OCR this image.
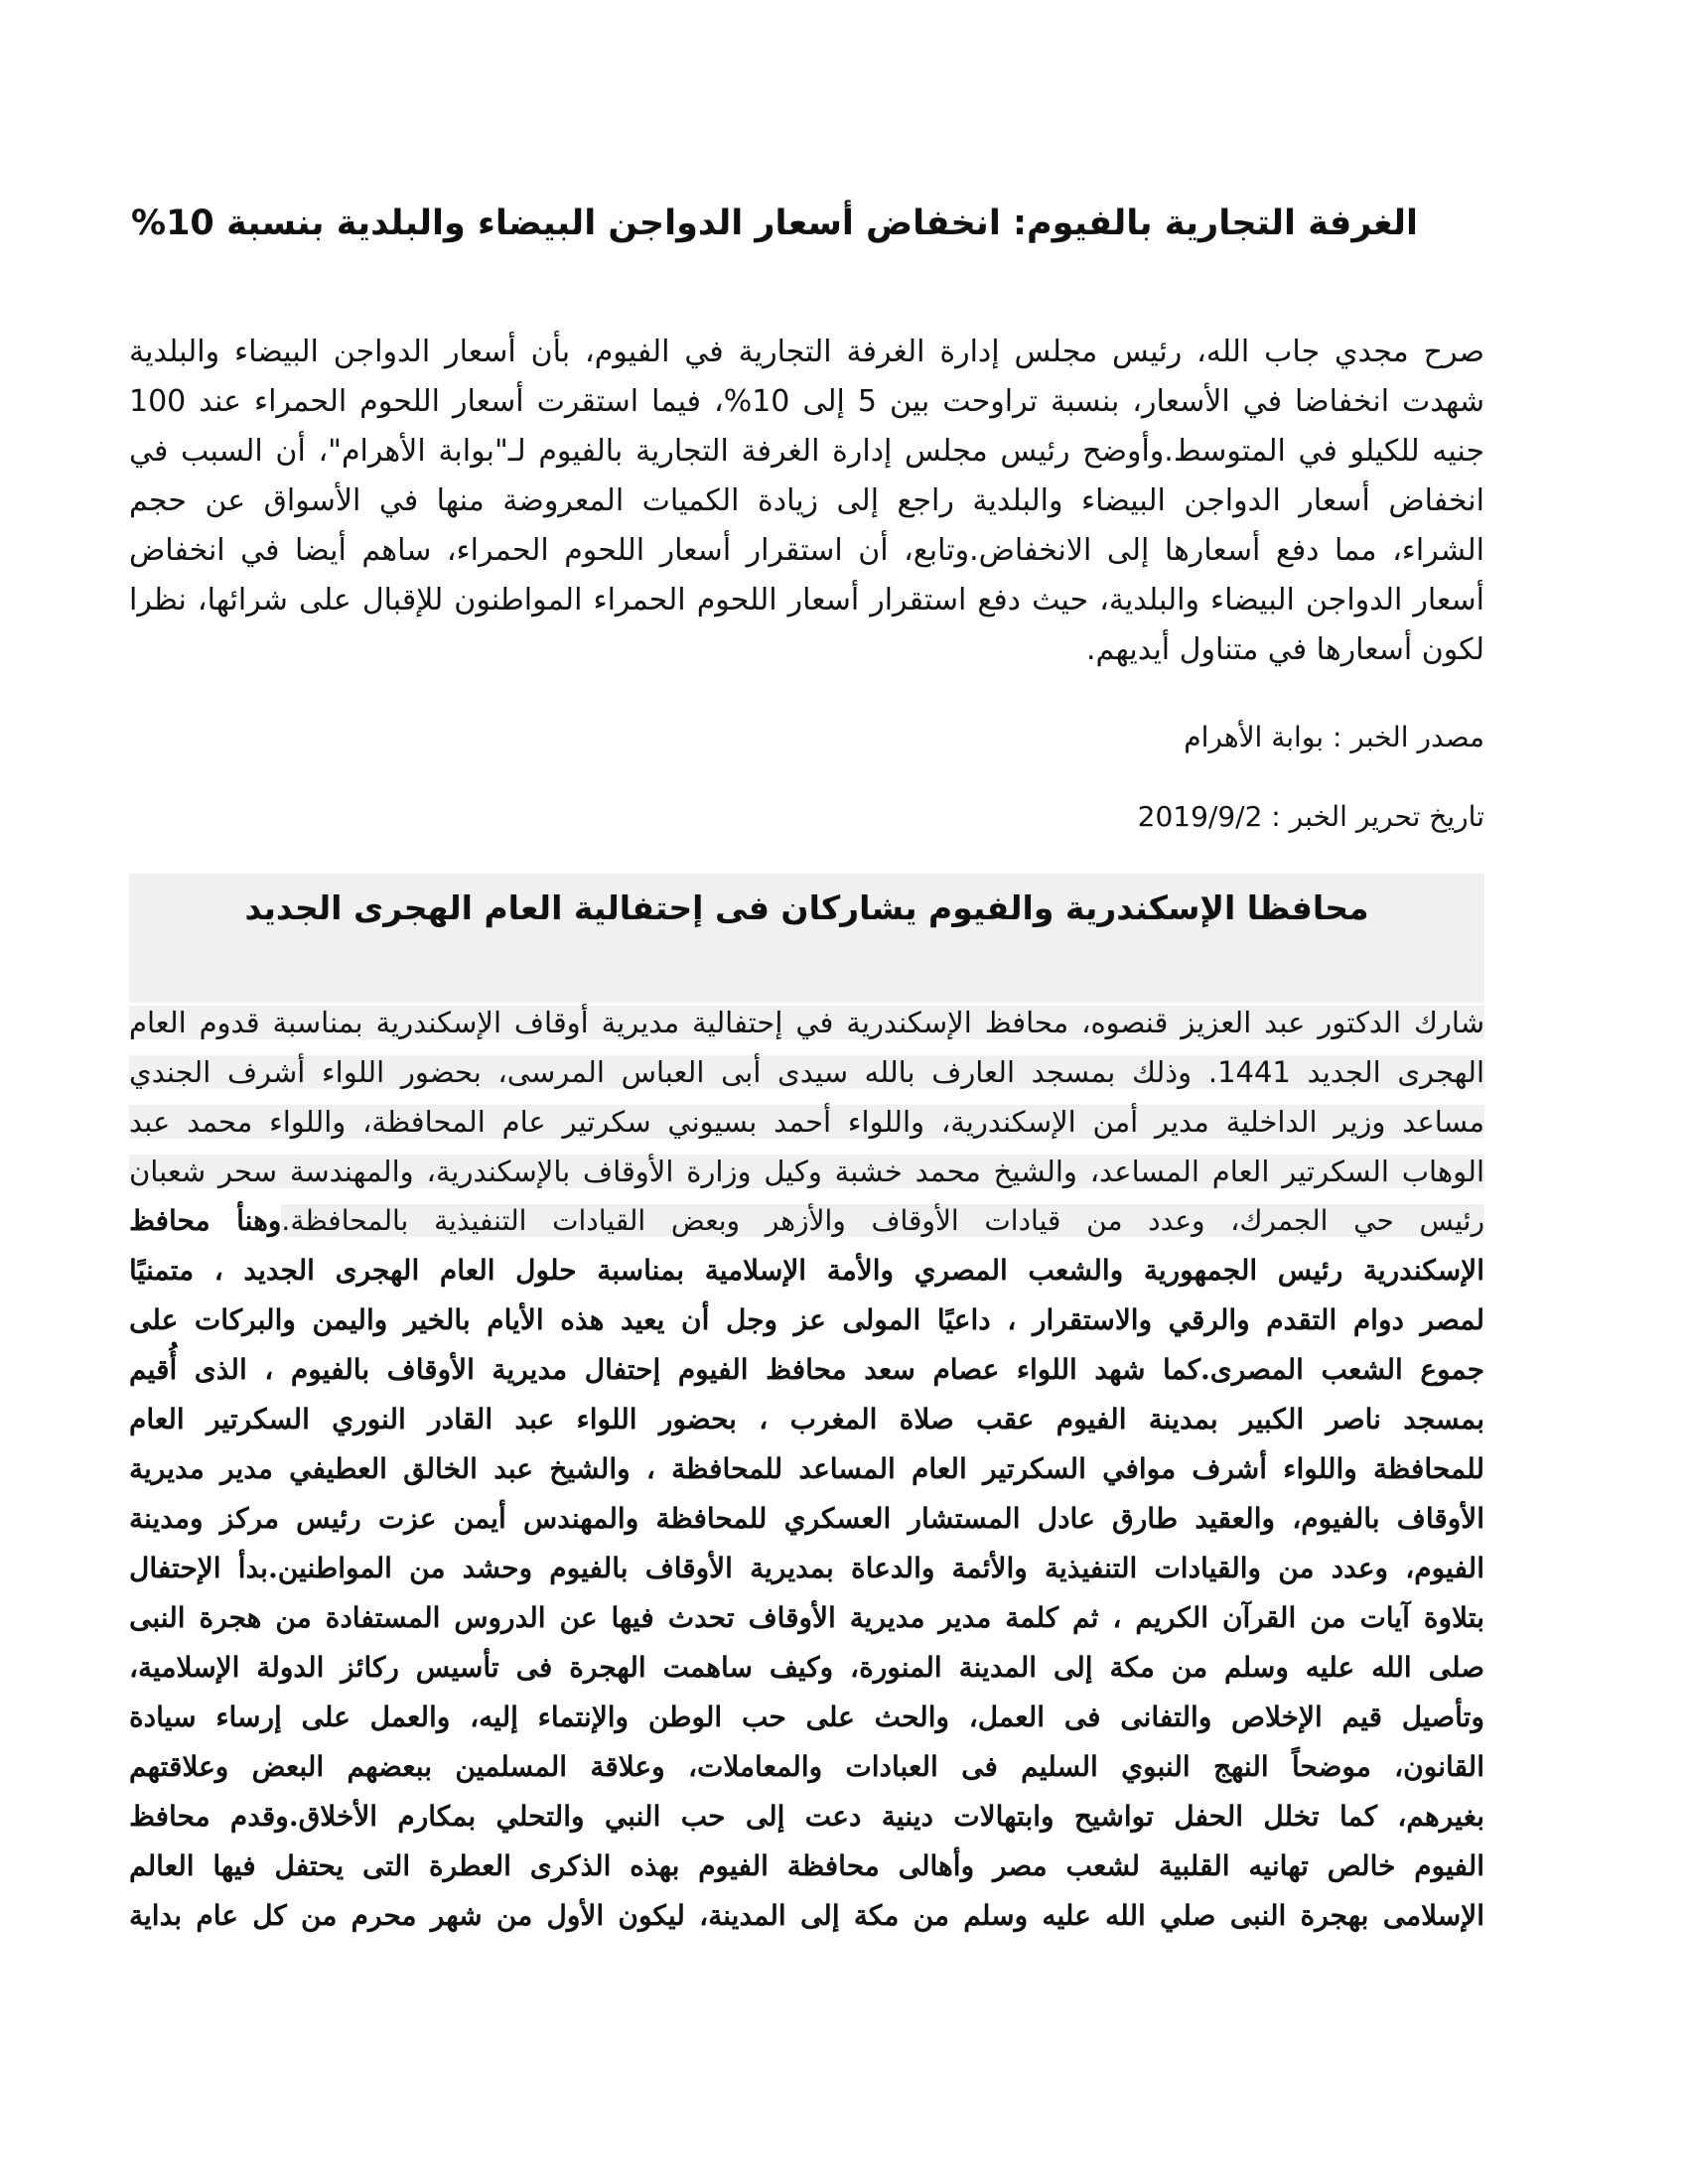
الغرفة التجارية بالفيوم: انخفاض أسعار الدواجن البيضاء والبلدية بنسبة 10%
صرح مجدي جاب الله، رئيس مجلس إدارة الغرفة التجارية في الفيوم، بأن أسعار الدواجن البيضاء والبلدية
شهدت انخفاضا في الأسعار، بنسبة تراوحت بين 5 إلى 10%، فيما استقرت أسعار اللحوم الحمراء عند 100
جنيه للكيلو في المتوسط.وأوضح رئيس مجلس إدارة الغرفة التجارية بالفيوم لـ"بوابة الأهرام"، أن السبب في
انخفاض أسعار الدواجن البيضاء والبلدية راجع إلى زيادة الكميات المعروضة منها في الأسواق عن حجم
الشراء، مما دفع أسعارها إلى الانخفاض.وتابع، أن استقرار أسعار اللحوم الحمراء، ساهم أيضا في انخفاض
أسعار الدواجن البيضاء والبلدية، حيث دفع استقرار أسعار اللحوم الحمراء المواطنون للإقبال على شرائها، نظرا
لكون أسعارها في متناول أيديهم.

مصدر الخبر : بوابة الأهرام

تاريخ تحرير الخبر : 2019/9/2

محافظا الإسكندرية والفيوم يشاركان فى إحتفالية العام الهجرى الجديد
شارك الدكتور عبد العزيز قنصوه، محافظ الإسكندرية في إحتفالية مديرية أوقاف الإسكندرية بمناسبة قدوم العام
الهجرى الجديد 1441. وذلك بمسجد العارف بالله سيدى أبى العباس المرسى، بحضور اللواء أشرف الجندي
مساعد وزير الداخلية مدير أمن الإسكندرية، واللواء أحمد بسيوني سكرتير عام المحافظة، واللواء محمد عبد
الوهاب السكرتير العام المساعد، والشيخ محمد خشبة وكيل وزارة الأوقاف بالإسكندرية، والمهندسة سحر شعبان
رئيس حي الجمرك، وعدد من قيادات الأوقاف والأزهر وبعض القيادات التنفيذية بالمحافظة.وهنأ محافظ
الإسكندرية رئيس الجمهورية والشعب المصري والأمة الإسلامية بمناسبة حلول العام الهجرى الجديد ، متمنيًا
لمصر دوام التقدم والرقي والاستقرار ، داعيًا المولى عز وجل أن يعيد هذه الأيام بالخير واليمن والبركات على
جموع الشعب المصرى.كما شهد اللواء عصام سعد محافظ الفيوم إحتفال مديرية الأوقاف بالفيوم ، الذى أُقيم
بمسجد ناصر الكبير بمدينة الفيوم عقب صلاة المغرب ، بحضور اللواء عبد القادر النوري السكرتير العام
للمحافظة واللواء أشرف موافي السكرتير العام المساعد للمحافظة ، والشيخ عبد الخالق العطيفي مدير مديرية
الأوقاف بالفيوم، والعقيد طارق عادل المستشار العسكري للمحافظة والمهندس أيمن عزت رئيس مركز ومدينة
الفيوم، وعدد من والقيادات التنفيذية والأئمة والدعاة بمديرية الأوقاف بالفيوم وحشد من المواطنين.بدأ الإحتفال
بتلاوة آيات من القرآن الكريم ، ثم كلمة مدير مديرية الأوقاف تحدث فيها عن الدروس المستفادة من هجرة النبى
صلى الله عليه وسلم من مكة إلى المدينة المنورة، وكيف ساهمت الهجرة فى تأسيس ركائز الدولة الإسلامية،
وتأصيل قيم الإخلاص والتفانى فى العمل، والحث على حب الوطن والإنتماء إليه، والعمل على إرساء سيادة
القانون، موضحاً النهج النبوي السليم فى العبادات والمعاملات، وعلاقة المسلمين ببعضهم البعض وعلاقتهم
بغيرهم، كما تخلل الحفل تواشيح وابتهالات دينية دعت إلى حب النبي والتحلي بمكارم الأخلاق.وقدم محافظ
الفيوم خالص تهانيه القلبية لشعب مصر وأهالى محافظة الفيوم بهذه الذكرى العطرة التى يحتفل فيها العالم
الإسلامى بهجرة النبى صلي الله عليه وسلم من مكة إلى المدينة، ليكون الأول من شهر محرم من كل عام بداية
